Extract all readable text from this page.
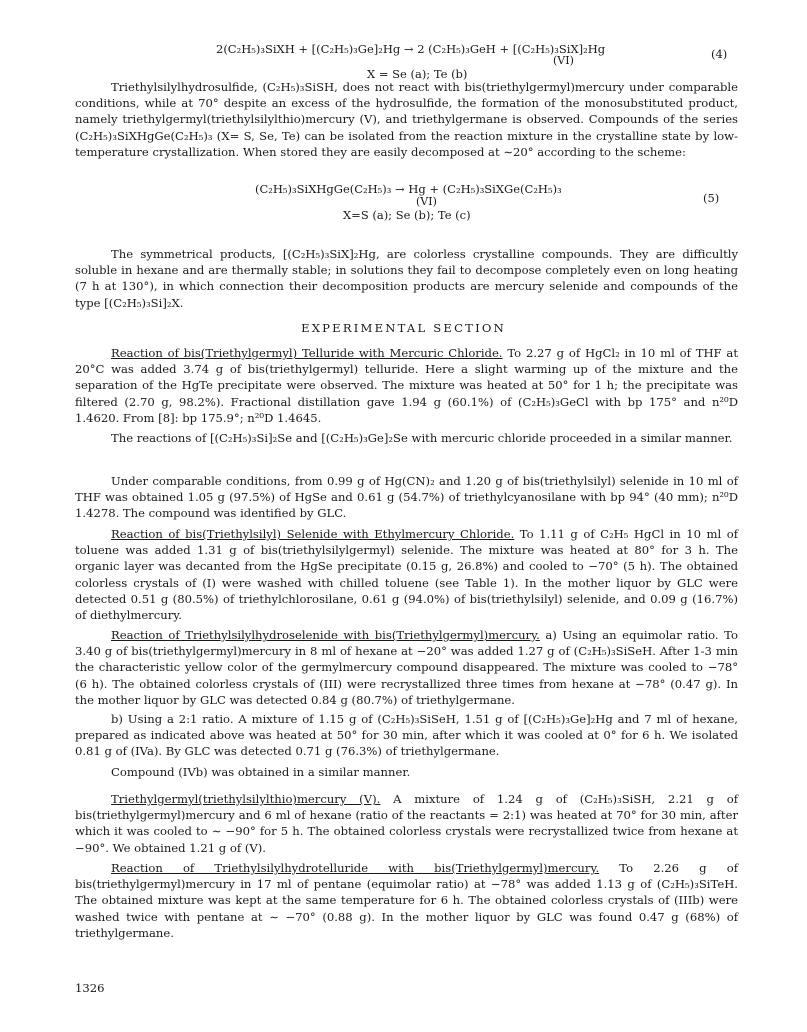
2(C₂H₅)₃SiXH + [(C₂H₅)₃Ge]₂Hg → 2 (C₂H₅)₃GeH + [(C₂H₅)₃SiX]₂Hg
(VI)	(4)
X = Se (a); Te (b)
Triethylsilylhydrosulfide, (C₂H₅)₃SiSH, does not react with bis(triethylgermyl)mercury under comparable conditions, while at 70° despite an excess of the hydrosulfide, the formation of the monosubstituted product, namely triethylgermyl(triethylsilylthio)mercury (V), and triethylgermane is observed. Compounds of the series (C₂H₅)₃SiXHgGe(C₂H₅)₃ (X= S, Se, Te) can be isolated from the reaction mixture in the crystalline state by low-temperature crystallization. When stored they are easily decomposed at ∼20° according to the scheme:
(C₂H₅)₃SiXHgGe(C₂H₅)₃ → Hg + (C₂H₅)₃SiXGe(C₂H₅)₃
(VI)	(5)
X=S (a); Se (b); Te (c)
The symmetrical products, [(C₂H₅)₃SiX]₂Hg, are colorless crystalline compounds. They are difficultly soluble in hexane and are thermally stable; in solutions they fail to decompose completely even on long heating (7 h at 130°), in which connection their decomposition products are mercury selenide and compounds of the type [(C₂H₅)₃Si]₂X.
EXPERIMENTAL SECTION
Reaction of bis(Triethylgermyl) Telluride with Mercuric Chloride. To 2.27 g of HgCl₂ in 10 ml of THF at 20°C was added 3.74 g of bis(triethylgermyl) telluride. Here a slight warming up of the mixture and the separation of the HgTe precipitate were observed. The mixture was heated at 50° for 1 h; the precipitate was filtered (2.70 g, 98.2%). Fractional distillation gave 1.94 g (60.1%) of (C₂H₅)₃GeCl with bp 175° and n²⁰D 1.4620. From [8]: bp 175.9°; n²⁰D 1.4645.
The reactions of [(C₂H₅)₃Si]₂Se and [(C₂H₅)₃Ge]₂Se with mercuric chloride proceeded in a similar manner.
Under comparable conditions, from 0.99 g of Hg(CN)₂ and 1.20 g of bis(triethylsilyl) selenide in 10 ml of THF was obtained 1.05 g (97.5%) of HgSe and 0.61 g (54.7%) of triethylcyanosilane with bp 94° (40 mm); n²⁰D 1.4278. The compound was identified by GLC.
Reaction of bis(Triethylsilyl) Selenide with Ethylmercury Chloride. To 1.11 g of C₂H₅ HgCl in 10 ml of toluene was added 1.31 g of bis(triethylsilylgermyl) selenide. The mixture was heated at 80° for 3 h. The organic layer was decanted from the HgSe precipitate (0.15 g, 26.8%) and cooled to −70° (5 h). The obtained colorless crystals of (I) were washed with chilled toluene (see Table 1). In the mother liquor by GLC were detected 0.51 g (80.5%) of triethylchlorosilane, 0.61 g (94.0%) of bis(triethylsilyl) selenide, and 0.09 g (16.7%) of diethylmercury.
Reaction of Triethylsilylhydroselenide with bis(Triethylgermyl)mercury. a) Using an equimolar ratio. To 3.40 g of bis(triethylgermyl)mercury in 8 ml of hexane at −20° was added 1.27 g of (C₂H₅)₃SiSeH. After 1-3 min the characteristic yellow color of the germylmercury compound disappeared. The mixture was cooled to −78° (6 h). The obtained colorless crystals of (III) were recrystallized three times from hexane at −78° (0.47 g). In the mother liquor by GLC was detected 0.84 g (80.7%) of triethylgermane.
b) Using a 2:1 ratio. A mixture of 1.15 g of (C₂H₅)₃SiSeH, 1.51 g of [(C₂H₅)₃Ge]₂Hg and 7 ml of hexane, prepared as indicated above was heated at 50° for 30 min, after which it was cooled at 0° for 6 h. We isolated 0.81 g of (IVa). By GLC was detected 0.71 g (76.3%) of triethylgermane.
Compound (IVb) was obtained in a similar manner.
Triethylgermyl(triethylsilylthio)mercury (V). A mixture of 1.24 g of (C₂H₅)₃SiSH, 2.21 g of bis(triethylgermyl)mercury and 6 ml of hexane (ratio of the reactants = 2:1) was heated at 70° for 30 min, after which it was cooled to ∼ −90° for 5 h. The obtained colorless crystals were recrystallized twice from hexane at −90°. We obtained 1.21 g of (V).
Reaction of Triethylsilylhydrotelluride with bis(Triethylgermyl)mercury. To 2.26 g of bis(triethylgermyl)mercury in 17 ml of pentane (equimolar ratio) at −78° was added 1.13 g of (C₂H₅)₃SiTeH. The obtained mixture was kept at the same temperature for 6 h. The obtained colorless crystals of (IIIb) were washed twice with pentane at ∼ −70° (0.88 g). In the mother liquor by GLC was found 0.47 g (68%) of triethylgermane.
1326
